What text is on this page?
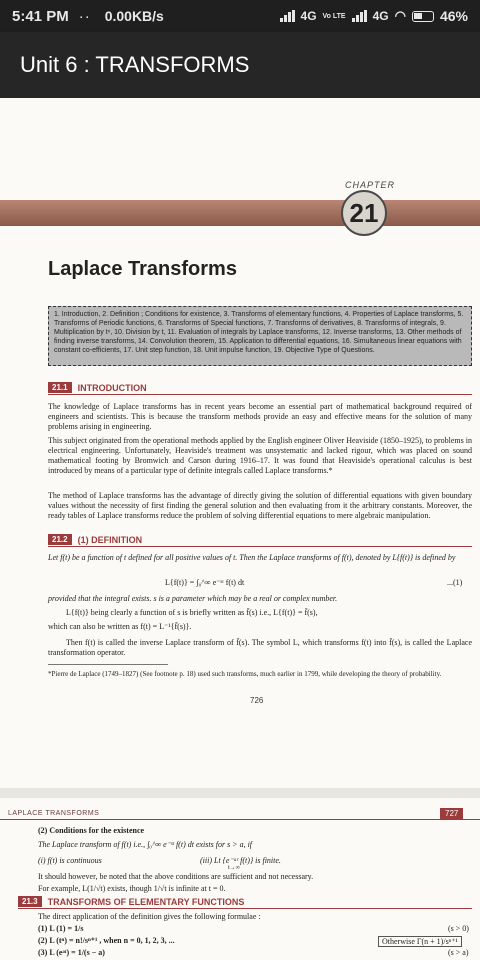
5:41 PM ·· 0.00KB/s	4G Vo LTE 4G ◠ 46%
Unit 6 : TRANSFORMS
CHAPTER
21
Laplace Transforms
1. Introduction, 2. Definition ; Conditions for existence, 3. Transforms of elementary functions, 4. Properties of Laplace transforms, 5. Transforms of Periodic functions, 6. Transforms of Special functions, 7. Transforms of derivatives, 8. Transforms of integrals, 9. Multiplication by tⁿ, 10. Division by t, 11. Evaluation of integrals by Laplace transforms, 12. Inverse transforms, 13. Other methods of finding inverse transforms, 14. Convolution theorem, 15. Application to differential equations, 16. Simultaneous linear equations with constant co-efficients, 17. Unit step function, 18. Unit impulse function, 19. Objective Type of Questions.
21.1	INTRODUCTION
The knowledge of Laplace transforms has in recent years become an essential part of mathematical background required of engineers and scientists. This is because the transform methods provide an easy and effective means for the solution of many problems arising in engineering.
This subject originated from the operational methods applied by the English engineer Oliver Heaviside (1850–1925), to problems in electrical engineering. Unfortunately, Heaviside's treatment was unsystematic and lacked rigour, which was placed on sound mathematical footing by Bromwich and Carson during 1916–17. It was found that Heaviside's operational calculus is best introduced by means of a particular type of definite integrals called Laplace transforms.*
The method of Laplace transforms has the advantage of directly giving the solution of differential equations with given boundary values without the necessity of first finding the general solution and then evaluating from it the arbitrary constants. Moreover, the ready tables of Laplace transforms reduce the problem of solving differential equations to mere algebraic manipulation.
21.2	(1) DEFINITION
Let f(t) be a function of t defined for all positive values of t. Then the Laplace transforms of f(t), denoted by L{f(t)} is defined by
L{f(t)} = ∫₀^∞ e⁻ˢᵗ f(t) dt	...(1)
provided that the integral exists. s is a parameter which may be a real or complex number.
L{f(t)} being clearly a function of s is briefly written as f̄(s) i.e., L{f(t)} = f̄(s),
which can also be written as f(t) = L⁻¹{f̄(s)}.
Then f(t) is called the inverse Laplace transform of f̄(s). The symbol L, which transforms f(t) into f̄(s), is called the Laplace transformation operator.
*Pierre de Laplace (1749–1827) (See footnote p. 18) used such transforms, much earlier in 1799, while developing the theory of probability.
726
LAPLACE TRANSFORMS	727
(2) Conditions for the existence
The Laplace transform of f(t) i.e., ∫₀^∞ e⁻ˢᵗ f(t) dt exists for s > a, if
(i) f(t) is continuous	(iii) Lt {e⁻ᵃᵗ f(t)} is finite.
t→∞
It should however, be noted that the above conditions are sufficient and not necessary.
For example, L(1/√t) exists, though 1/√t is infinite at t = 0.
21.3	TRANSFORMS OF ELEMENTARY FUNCTIONS
The direct application of the definition gives the following formulae :
(1) L (1) = 1/s	(s > 0)
(2) L (tⁿ) = n!/sⁿ⁺¹ , when n = 0, 1, 2, 3, ...	Otherwise Γ(n + 1)/sⁿ⁺¹
(3) L (eᵃᵗ) = 1/(s − a)	(s > a)
